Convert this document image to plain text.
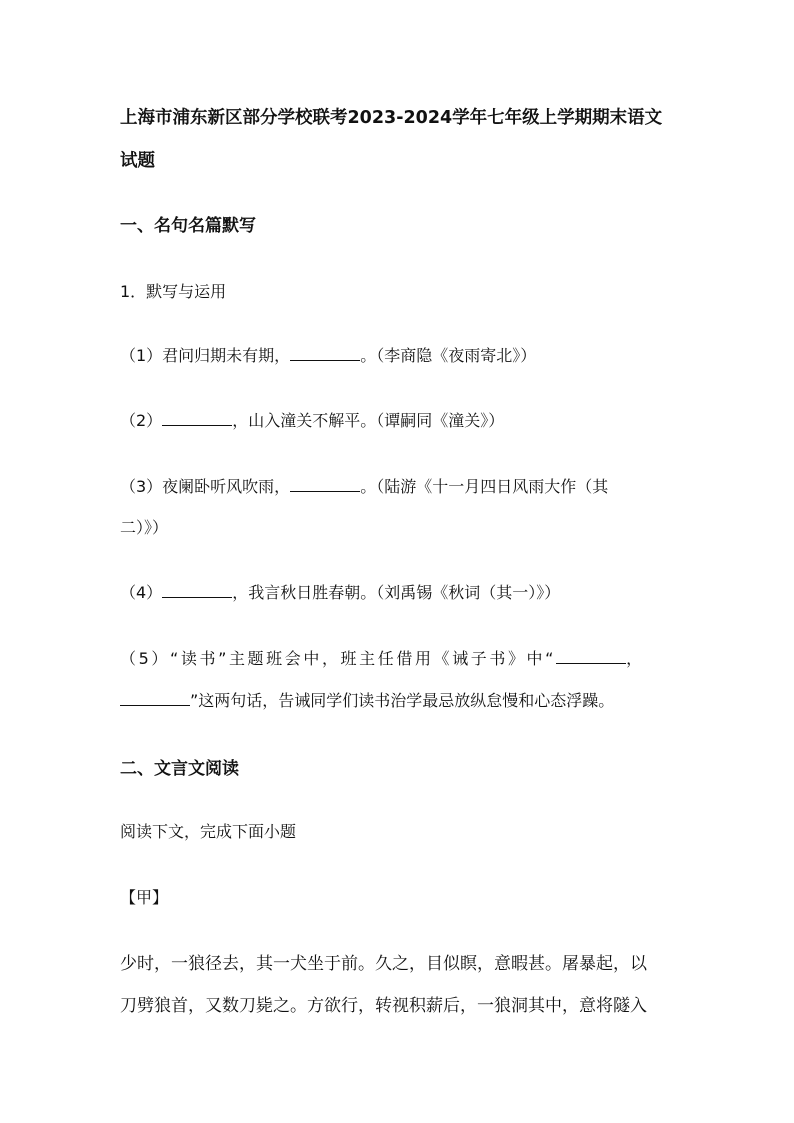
上海市浦东新区部分学校联考2023-2024学年七年级上学期期末语文
试题
一、名句名篇默写
1．默写与运用
（1）君问归期未有期，	。（李商隐《夜雨寄北》）
（2）	，山入潼关不解平。（谭嗣同《潼关》）
（3）夜阑卧听风吹雨，	。（陆游《十一月四日风雨大作（其
二）》）
（4）	，我言秋日胜春朝。（刘禹锡《秋词（其一）》）
（5）“读书”主题班会中，班主任借用《诫子书》中“	，
”这两句话，告诫同学们读书治学最忌放纵怠慢和心态浮躁。
二、文言文阅读
阅读下文，完成下面小题
【甲】
少时，一狼径去，其一犬坐于前。久之，目似瞑，意暇甚。屠暴起，以
刀劈狼首，又数刀毙之。方欲行，转视积薪后，一狼洞其中，意将隧入
